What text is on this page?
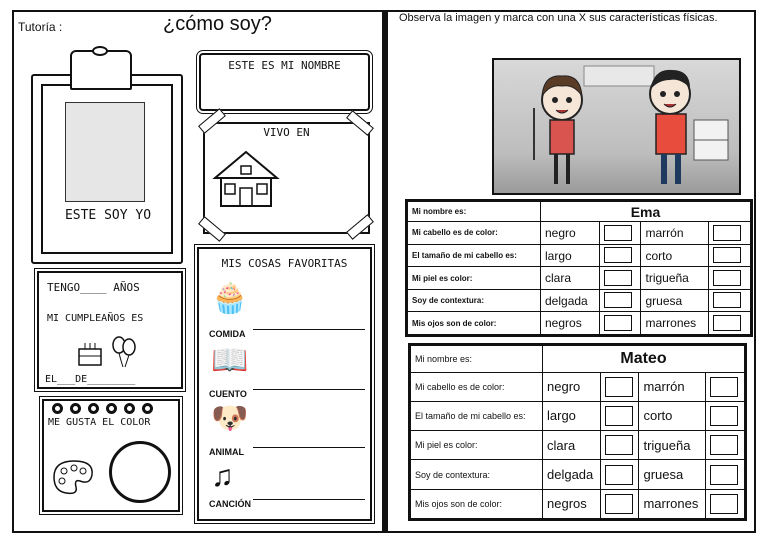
Tutoría :	¿cómo soy?
ESTE SOY YO
ESTE ES MI NOMBRE
VIVO EN
TENGO____ AÑOS
MI CUMPLEAÑOS ES
EL___DE________
ME GUSTA EL COLOR
MIS COSAS FAVORITAS
🧁
COMIDA
📖
CUENTO
🐶
ANIMAL
♫
CANCIÓN
Observa la imagen y marca con una X sus características físicas.
Mi nombre es:	Ema			
Mi cabello es de color:	negro		marrón	
El tamaño de mi cabello es:	largo		corto	
Mi piel es color:	clara		trigueña	
Soy de contextura:	delgada		gruesa	
Mis ojos son de color:	negros		marrones	
Mi nombre es:	Mateo			
Mi cabello es de color:	negro		marrón	
El tamaño de mi cabello es:	largo		corto	
Mi piel es color:	clara		trigueña	
Soy de contextura:	delgada		gruesa	
Mis ojos son de color:	negros		marrones	
